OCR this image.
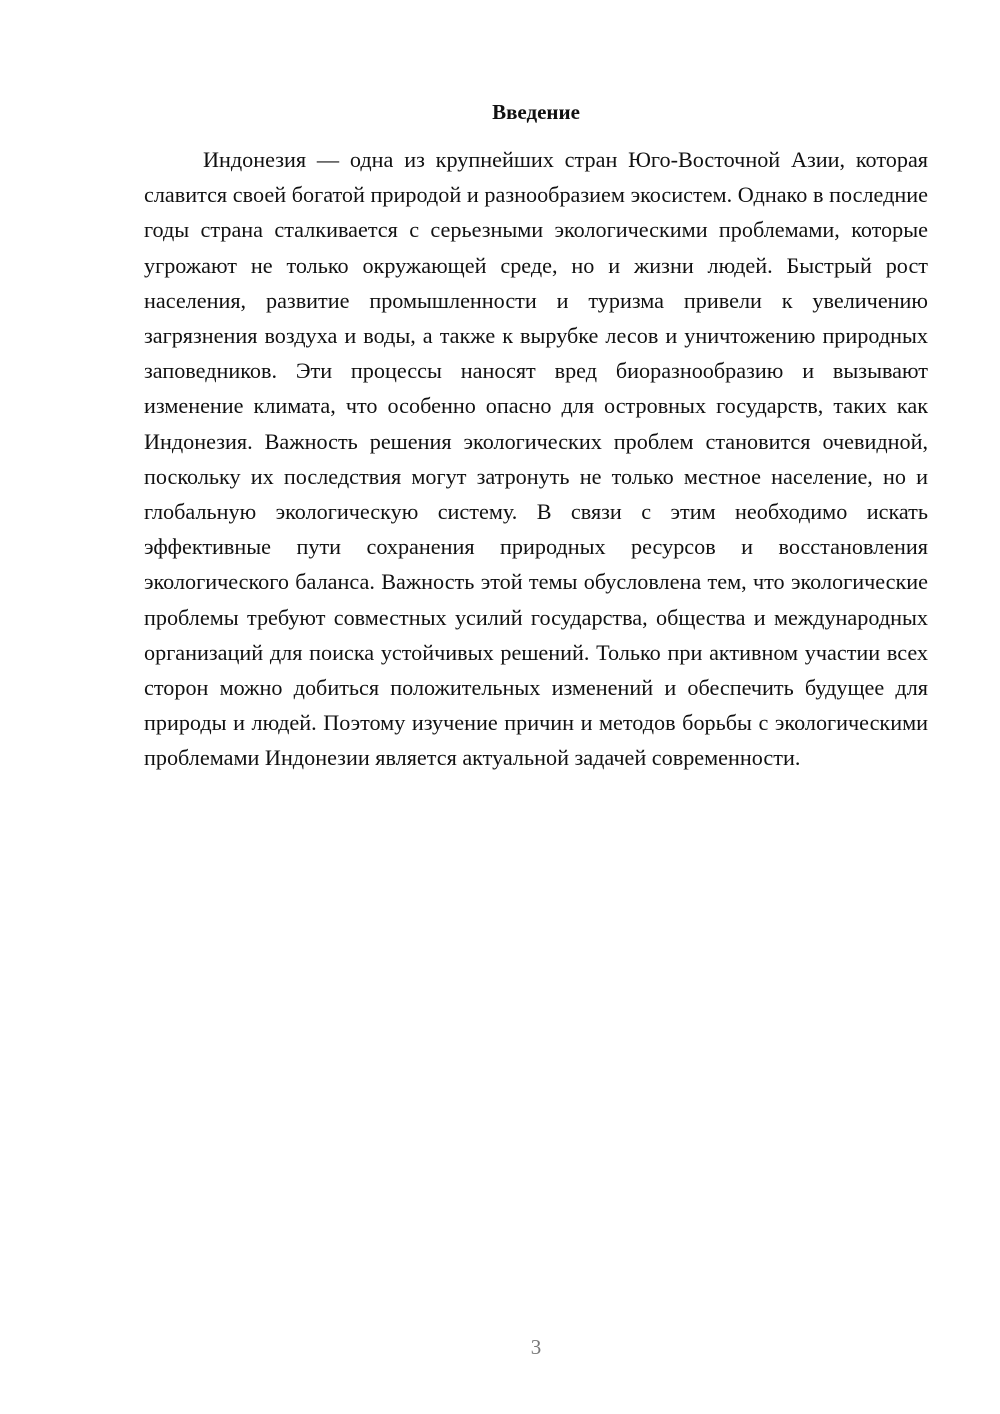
Введение

Индонезия — одна из крупнейших стран Юго-Восточной Азии, которая славится своей богатой природой и разнообразием экосистем. Однако в последние годы страна сталкивается с серьезными экологическими проблемами, которые угрожают не только окружающей среде, но и жизни людей. Быстрый рост населения, развитие промышленности и туризма привели к увеличению загрязнения воздуха и воды, а также к вырубке лесов и уничтожению природных заповедников. Эти процессы наносят вред биоразнообразию и вызывают изменение климата, что особенно опасно для островных государств, таких как Индонезия. Важность решения экологических проблем становится очевидной, поскольку их последствия могут затронуть не только местное население, но и глобальную экологическую систему. В связи с этим необходимо искать эффективные пути сохранения природных ресурсов и восстановления экологического баланса. Важность этой темы обусловлена тем, что экологические проблемы требуют совместных усилий государства, общества и международных организаций для поиска устойчивых решений. Только при активном участии всех сторон можно добиться положительных изменений и обеспечить будущее для природы и людей. Поэтому изучение причин и методов борьбы с экологическими проблемами Индонезии является актуальной задачей современности.

3
